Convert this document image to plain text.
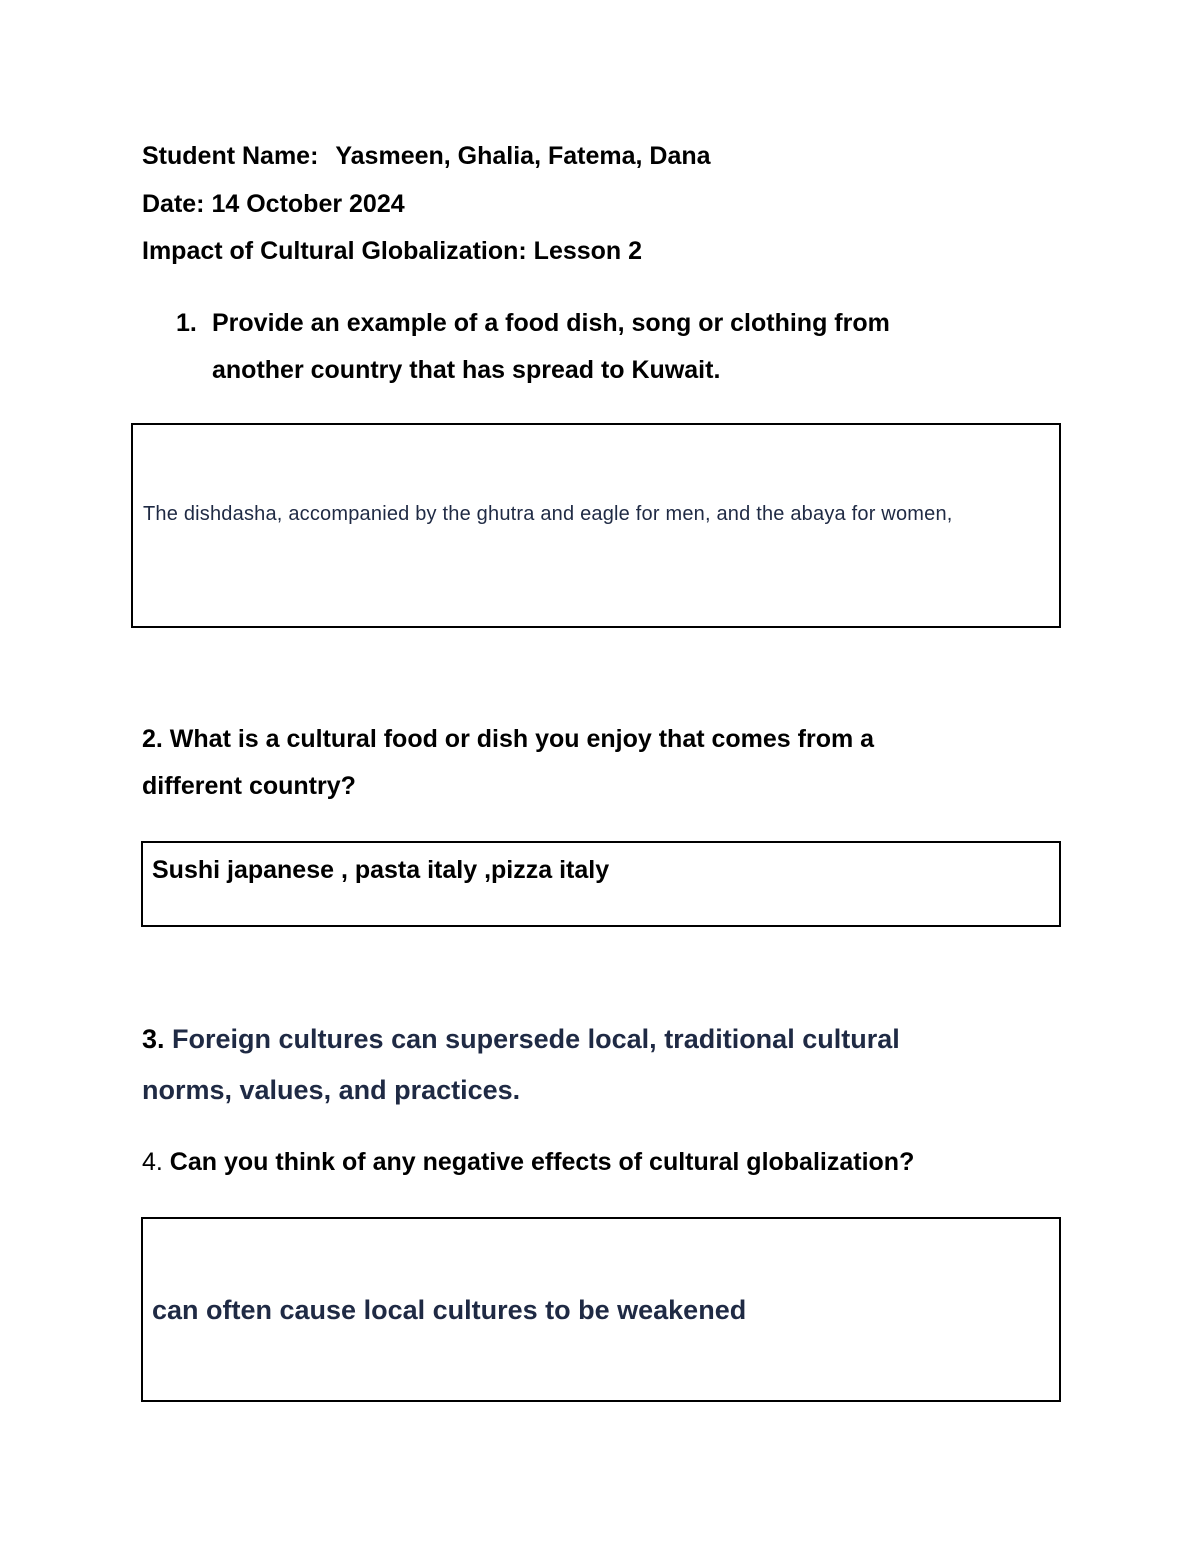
Student Name: Yasmeen, Ghalia, Fatema, Dana

Date: 14 October 2024

Impact of Cultural Globalization: Lesson 2

1. Provide an example of a food dish, song or clothing from

another country that has spread to Kuwait.

The dishdasha, accompanied by the ghutra and eagle for men, and the abaya for women,

2. What is a cultural food or dish you enjoy that comes from a

different country?

Sushi japanese , pasta italy ,pizza italy

3. Foreign cultures can supersede local, traditional cultural

norms, values, and practices.

4. Can you think of any negative effects of cultural globalization?

can often cause local cultures to be weakened
